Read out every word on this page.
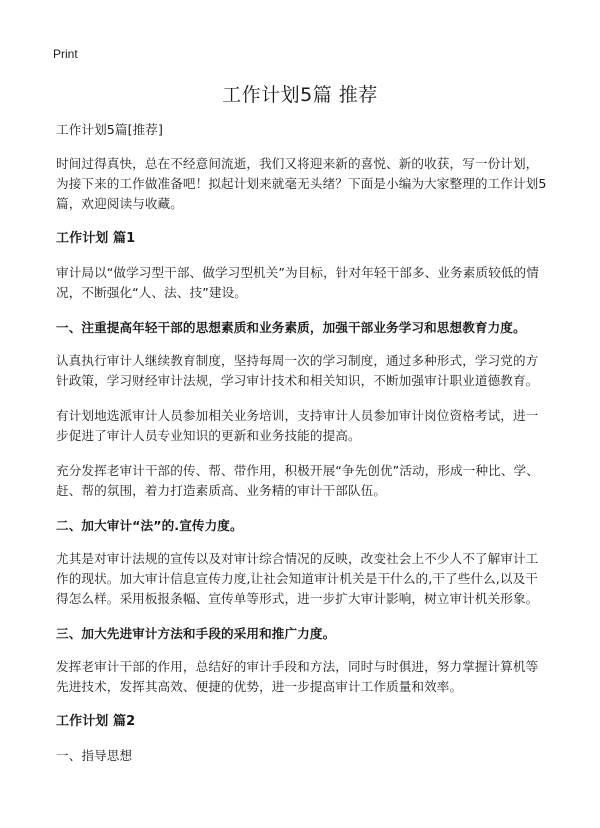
Print
工作计划5篇 推荐

工作计划5篇[推荐]

时间过得真快，总在不经意间流逝，我们又将迎来新的喜悦、新的收获，写一份计划，为接下来的工作做准备吧！拟起计划来就毫无头绪？下面是小编为大家整理的工作计划5篇，欢迎阅读与收藏。

工作计划 篇1

审计局以“做学习型干部、做学习型机关”为目标，针对年轻干部多、业务素质较低的情况，不断强化“人、法、技”建设。

一、注重提高年轻干部的思想素质和业务素质，加强干部业务学习和思想教育力度。

认真执行审计人继续教育制度，坚持每周一次的学习制度，通过多种形式，学习党的方针政策，学习财经审计法规，学习审计技术和相关知识，不断加强审计职业道德教育。

有计划地选派审计人员参加相关业务培训，支持审计人员参加审计岗位资格考试，进一步促进了审计人员专业知识的更新和业务技能的提高。

充分发挥老审计干部的传、帮、带作用，积极开展“争先创优”活动，形成一种比、学、赶、帮的氛围，着力打造素质高、业务精的审计干部队伍。

二、加大审计“法”的.宣传力度。

尤其是对审计法规的宣传以及对审计综合情况的反映，改变社会上不少人不了解审计工作的现状。加大审计信息宣传力度,让社会知道审计机关是干什么的,干了些什么,以及干得怎么样。采用板报条幅、宣传单等形式，进一步扩大审计影响，树立审计机关形象。

三、加大先进审计方法和手段的采用和推广力度。

发挥老审计干部的作用，总结好的审计手段和方法，同时与时俱进，努力掌握计算机等先进技术，发挥其高效、便捷的优势，进一步提高审计工作质量和效率。

工作计划 篇2

一、指导思想
